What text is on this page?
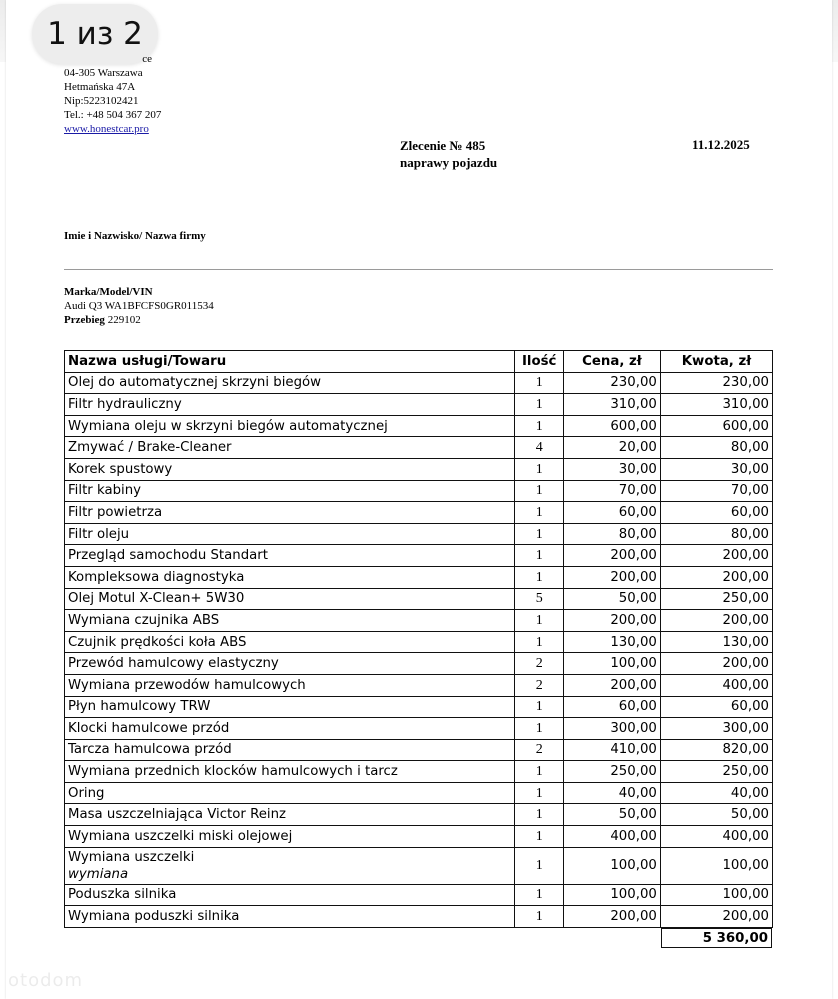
1 из 2
ce
04-305 Warszawa
Hetmańska 47A
Nip:5223102421
Tel.: +48 504 367 207
www.honestcar.pro
Zlecenie № 485
naprawy pojazdu
11.12.2025
Imie i Nazwisko/ Nazwa firmy
Marka/Model/VIN
Audi Q3 WA1BFCFS0GR011534
Przebieg 229102
Nazwa usługi/Towaru	Ilość	Cena, zł	Kwota, zł
Olej do automatycznej skrzyni biegów	1	230,00	230,00
Filtr hydrauliczny	1	310,00	310,00
Wymiana oleju w skrzyni biegów automatycznej	1	600,00	600,00
Zmywać / Brake-Cleaner	4	20,00	80,00
Korek spustowy	1	30,00	30,00
Filtr kabiny	1	70,00	70,00
Filtr powietrza	1	60,00	60,00
Filtr oleju	1	80,00	80,00
Przegląd samochodu Standart	1	200,00	200,00
Kompleksowa diagnostyka	1	200,00	200,00
Olej Motul X-Clean+ 5W30	5	50,00	250,00
Wymiana czujnika ABS	1	200,00	200,00
Czujnik prędkości koła ABS	1	130,00	130,00
Przewód hamulcowy elastyczny	2	100,00	200,00
Wymiana przewodów hamulcowych	2	200,00	400,00
Płyn hamulcowy TRW	1	60,00	60,00
Klocki hamulcowe przód	1	300,00	300,00
Tarcza hamulcowa przód	2	410,00	820,00
Wymiana przednich klocków hamulcowych i tarcz	1	250,00	250,00
Oring	1	40,00	40,00
Masa uszczelniająca Victor Reinz	1	50,00	50,00
Wymiana uszczelki miski olejowej	1	400,00	400,00
Wymiana uszczelki
wymiana	1	100,00	100,00
Poduszka silnika	1	100,00	100,00
Wymiana poduszki silnika	1	200,00	200,00
5 360,00
otodom
